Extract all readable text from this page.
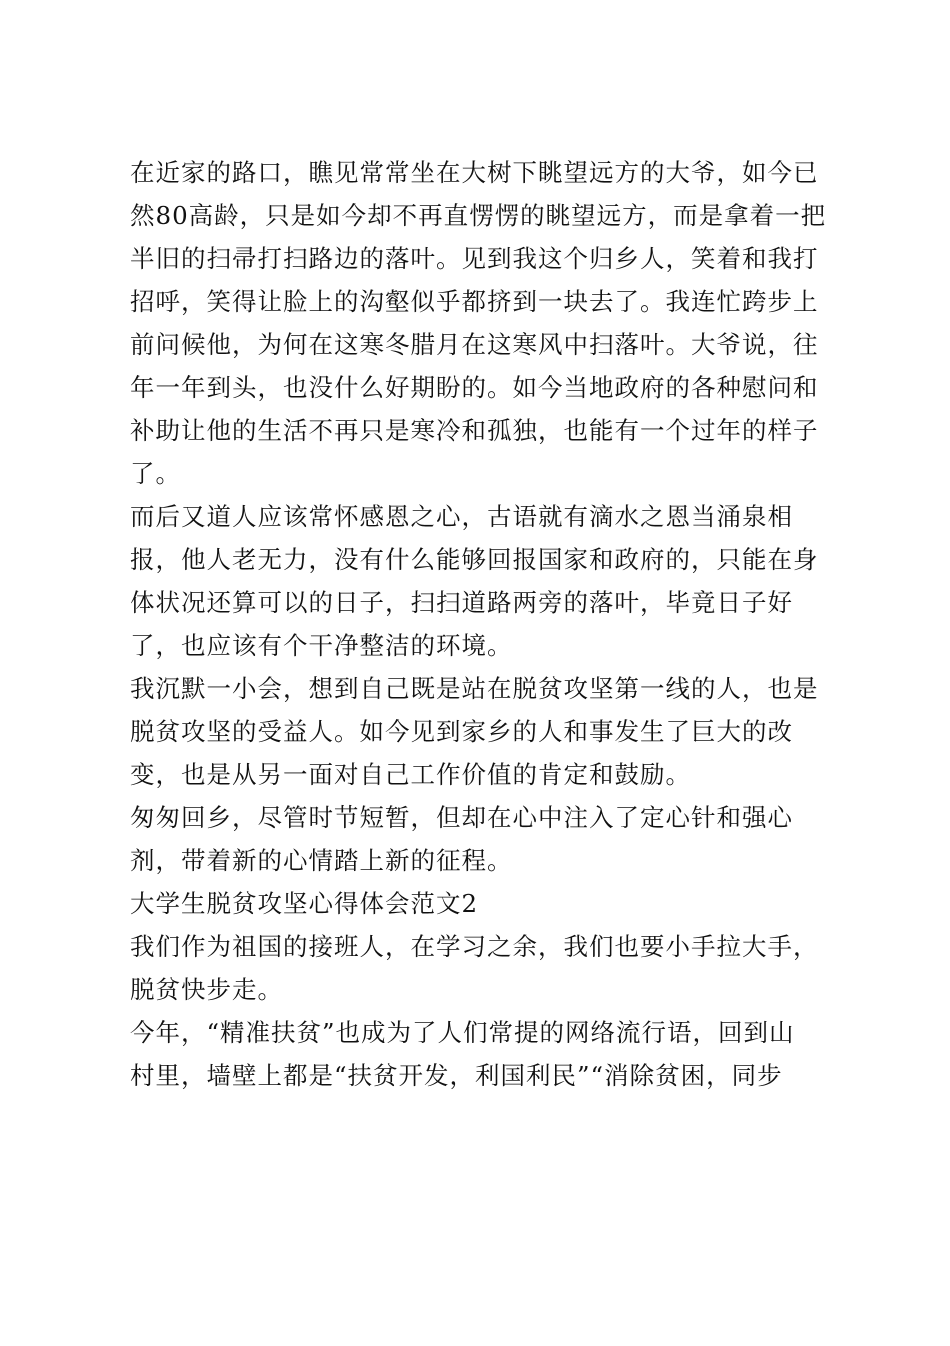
在近家的路口，瞧见常常坐在大树下眺望远方的大爷，如今已
然80高龄，只是如今却不再直愣愣的眺望远方，而是拿着一把
半旧的扫帚打扫路边的落叶。见到我这个归乡人，笑着和我打
招呼，笑得让脸上的沟壑似乎都挤到一块去了。我连忙跨步上
前问候他，为何在这寒冬腊月在这寒风中扫落叶。大爷说，往
年一年到头，也没什么好期盼的。如今当地政府的各种慰问和
补助让他的生活不再只是寒冷和孤独，也能有一个过年的样子
了。
而后又道人应该常怀感恩之心，古语就有滴水之恩当涌泉相
报，他人老无力，没有什么能够回报国家和政府的，只能在身
体状况还算可以的日子，扫扫道路两旁的落叶，毕竟日子好
了，也应该有个干净整洁的环境。
我沉默一小会，想到自己既是站在脱贫攻坚第一线的人，也是
脱贫攻坚的受益人。如今见到家乡的人和事发生了巨大的改
变，也是从另一面对自己工作价值的肯定和鼓励。
匆匆回乡，尽管时节短暂，但却在心中注入了定心针和强心
剂，带着新的心情踏上新的征程。
大学生脱贫攻坚心得体会范文2
我们作为祖国的接班人，在学习之余，我们也要小手拉大手，
脱贫快步走。
今年，“精准扶贫”也成为了人们常提的网络流行语，回到山
村里，墙壁上都是“扶贫开发，利国利民”“消除贫困，同步
